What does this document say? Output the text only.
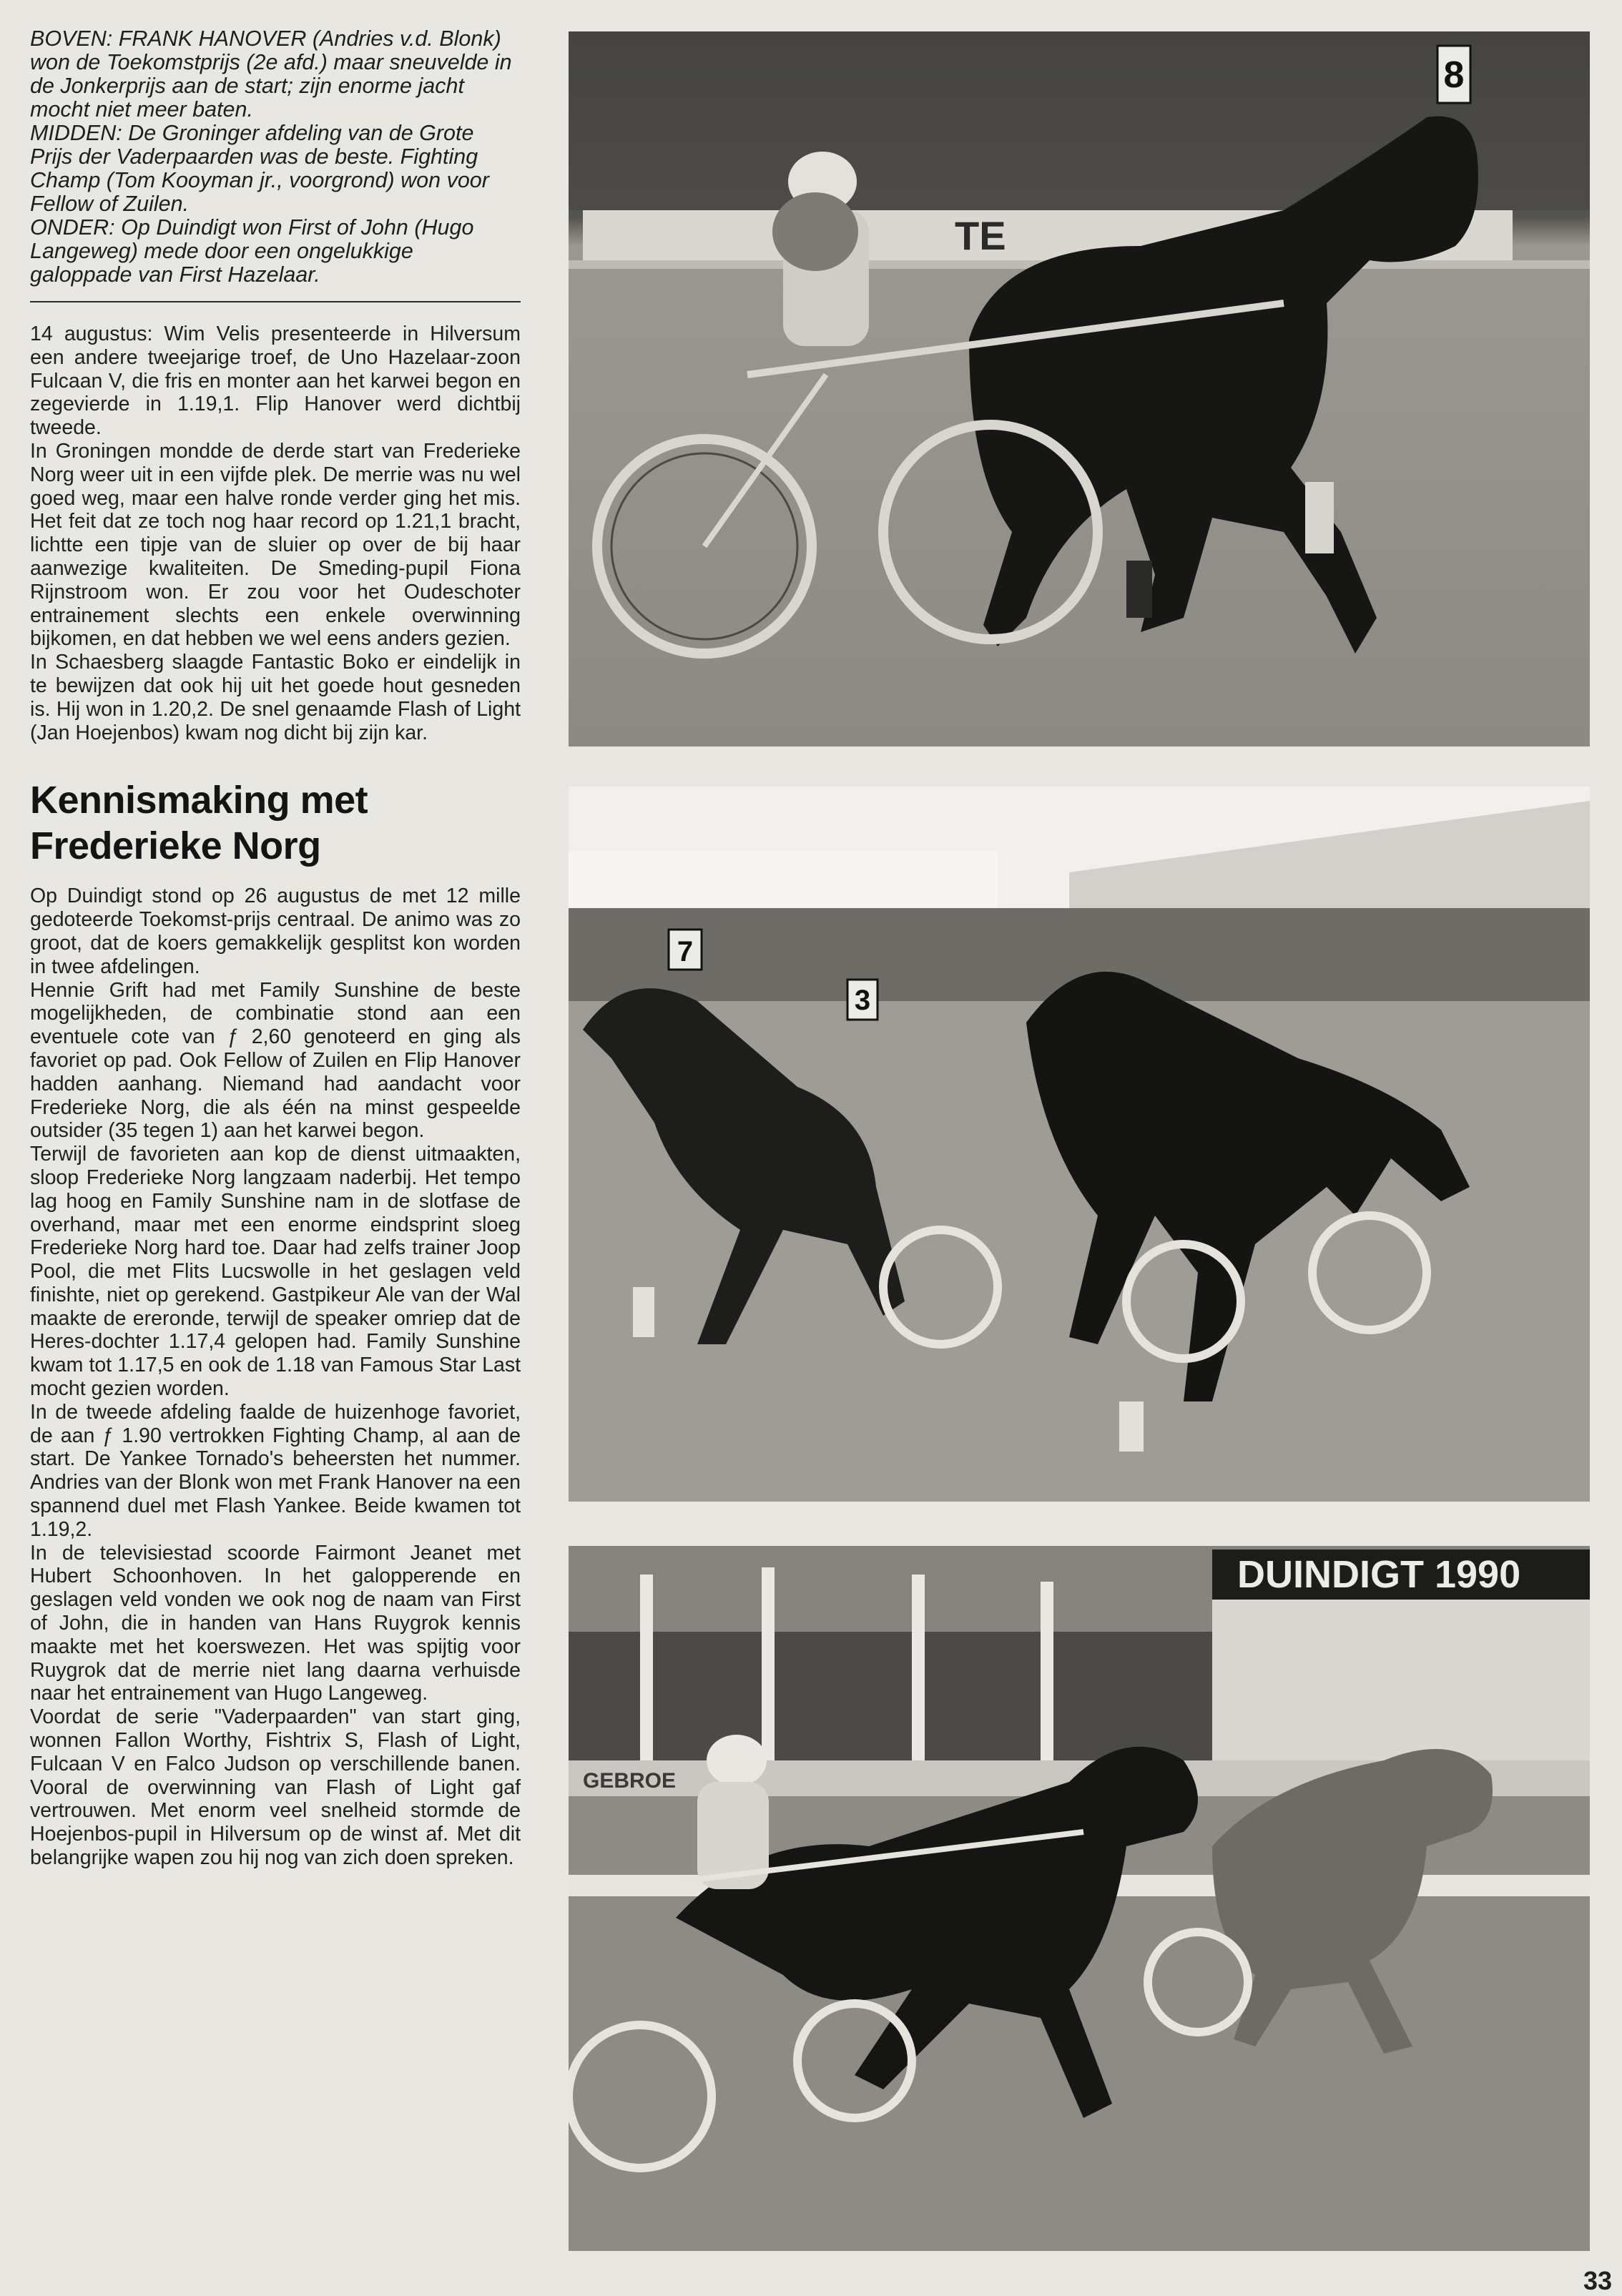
BOVEN: FRANK HANOVER (Andries v.d. Blonk) won de Toekomstprijs (2e afd.) maar sneuvelde in de Jonkerprijs aan de start; zijn enorme jacht mocht niet meer baten.

MIDDEN: De Groninger afdeling van de Grote Prijs der Vaderpaarden was de beste. Fighting Champ (Tom Kooyman jr., voorgrond) won voor Fellow of Zuilen.

ONDER: Op Duindigt won First of John (Hugo Langeweg) mede door een ongelukkige galoppade van First Hazelaar.

14 augustus: Wim Velis presenteerde in Hilversum een andere tweejarige troef, de Uno Hazelaar-zoon Fulcaan V, die fris en monter aan het karwei begon en zegevierde in 1.19,1. Flip Hanover werd dichtbij tweede.

In Groningen mondde de derde start van Frederieke Norg weer uit in een vijfde plek. De merrie was nu wel goed weg, maar een halve ronde verder ging het mis. Het feit dat ze toch nog haar record op 1.21,1 bracht, lichtte een tipje van de sluier op over de bij haar aanwezige kwaliteiten. De Smeding-pupil Fiona Rijnstroom won. Er zou voor het Oudeschoter entrainement slechts een enkele overwinning bijkomen, en dat hebben we wel eens anders gezien.

In Schaesberg slaagde Fantastic Boko er eindelijk in te bewijzen dat ook hij uit het goede hout gesneden is. Hij won in 1.20,2. De snel genaamde Flash of Light (Jan Hoejenbos) kwam nog dicht bij zijn kar.

Kennismaking met Frederieke Norg

Op Duindigt stond op 26 augustus de met 12 mille gedoteerde Toekomst-prijs centraal. De animo was zo groot, dat de koers gemakkelijk gesplitst kon worden in twee afdelingen.

Hennie Grift had met Family Sunshine de beste mogelijkheden, de combinatie stond aan een eventuele cote van ƒ 2,60 genoteerd en ging als favoriet op pad. Ook Fellow of Zuilen en Flip Hanover hadden aanhang. Niemand had aandacht voor Frederieke Norg, die als één na minst gespeelde outsider (35 tegen 1) aan het karwei begon.

Terwijl de favorieten aan kop de dienst uitmaakten, sloop Frederieke Norg langzaam naderbij. Het tempo lag hoog en Family Sunshine nam in de slotfase de overhand, maar met een enorme eindsprint sloeg Frederieke Norg hard toe. Daar had zelfs trainer Joop Pool, die met Flits Lucswolle in het geslagen veld finishte, niet op gerekend. Gastpikeur Ale van der Wal maakte de ereronde, terwijl de speaker omriep dat de Heres-dochter 1.17,4 gelopen had. Family Sunshine kwam tot 1.17,5 en ook de 1.18 van Famous Star Last mocht gezien worden.

In de tweede afdeling faalde de huizenhoge favoriet, de aan ƒ 1.90 vertrokken Fighting Champ, al aan de start. De Yankee Tornado's beheersten het nummer. Andries van der Blonk won met Frank Hanover na een spannend duel met Flash Yankee. Beide kwamen tot 1.19,2.

In de televisiestad scoorde Fairmont Jeanet met Hubert Schoonhoven. In het galopperende en geslagen veld vonden we ook nog de naam van First of John, die in handen van Hans Ruygrok kennis maakte met het koerswezen. Het was spijtig voor Ruygrok dat de merrie niet lang daarna verhuisde naar het entrainement van Hugo Langeweg.

Voordat de serie "Vaderpaarden" van start ging, wonnen Fallon Worthy, Fishtrix S, Flash of Light, Fulcaan V en Falco Judson op verschillende banen. Vooral de overwinning van Flash of Light gaf vertrouwen. Met enorm veel snelheid stormde de Hoejenbos-pupil in Hilversum op de winst af. Met dit belangrijke wapen zou hij nog van zich doen spreken.

TE
8
7
3
DUINDIGT 1990
GEBROE
33
